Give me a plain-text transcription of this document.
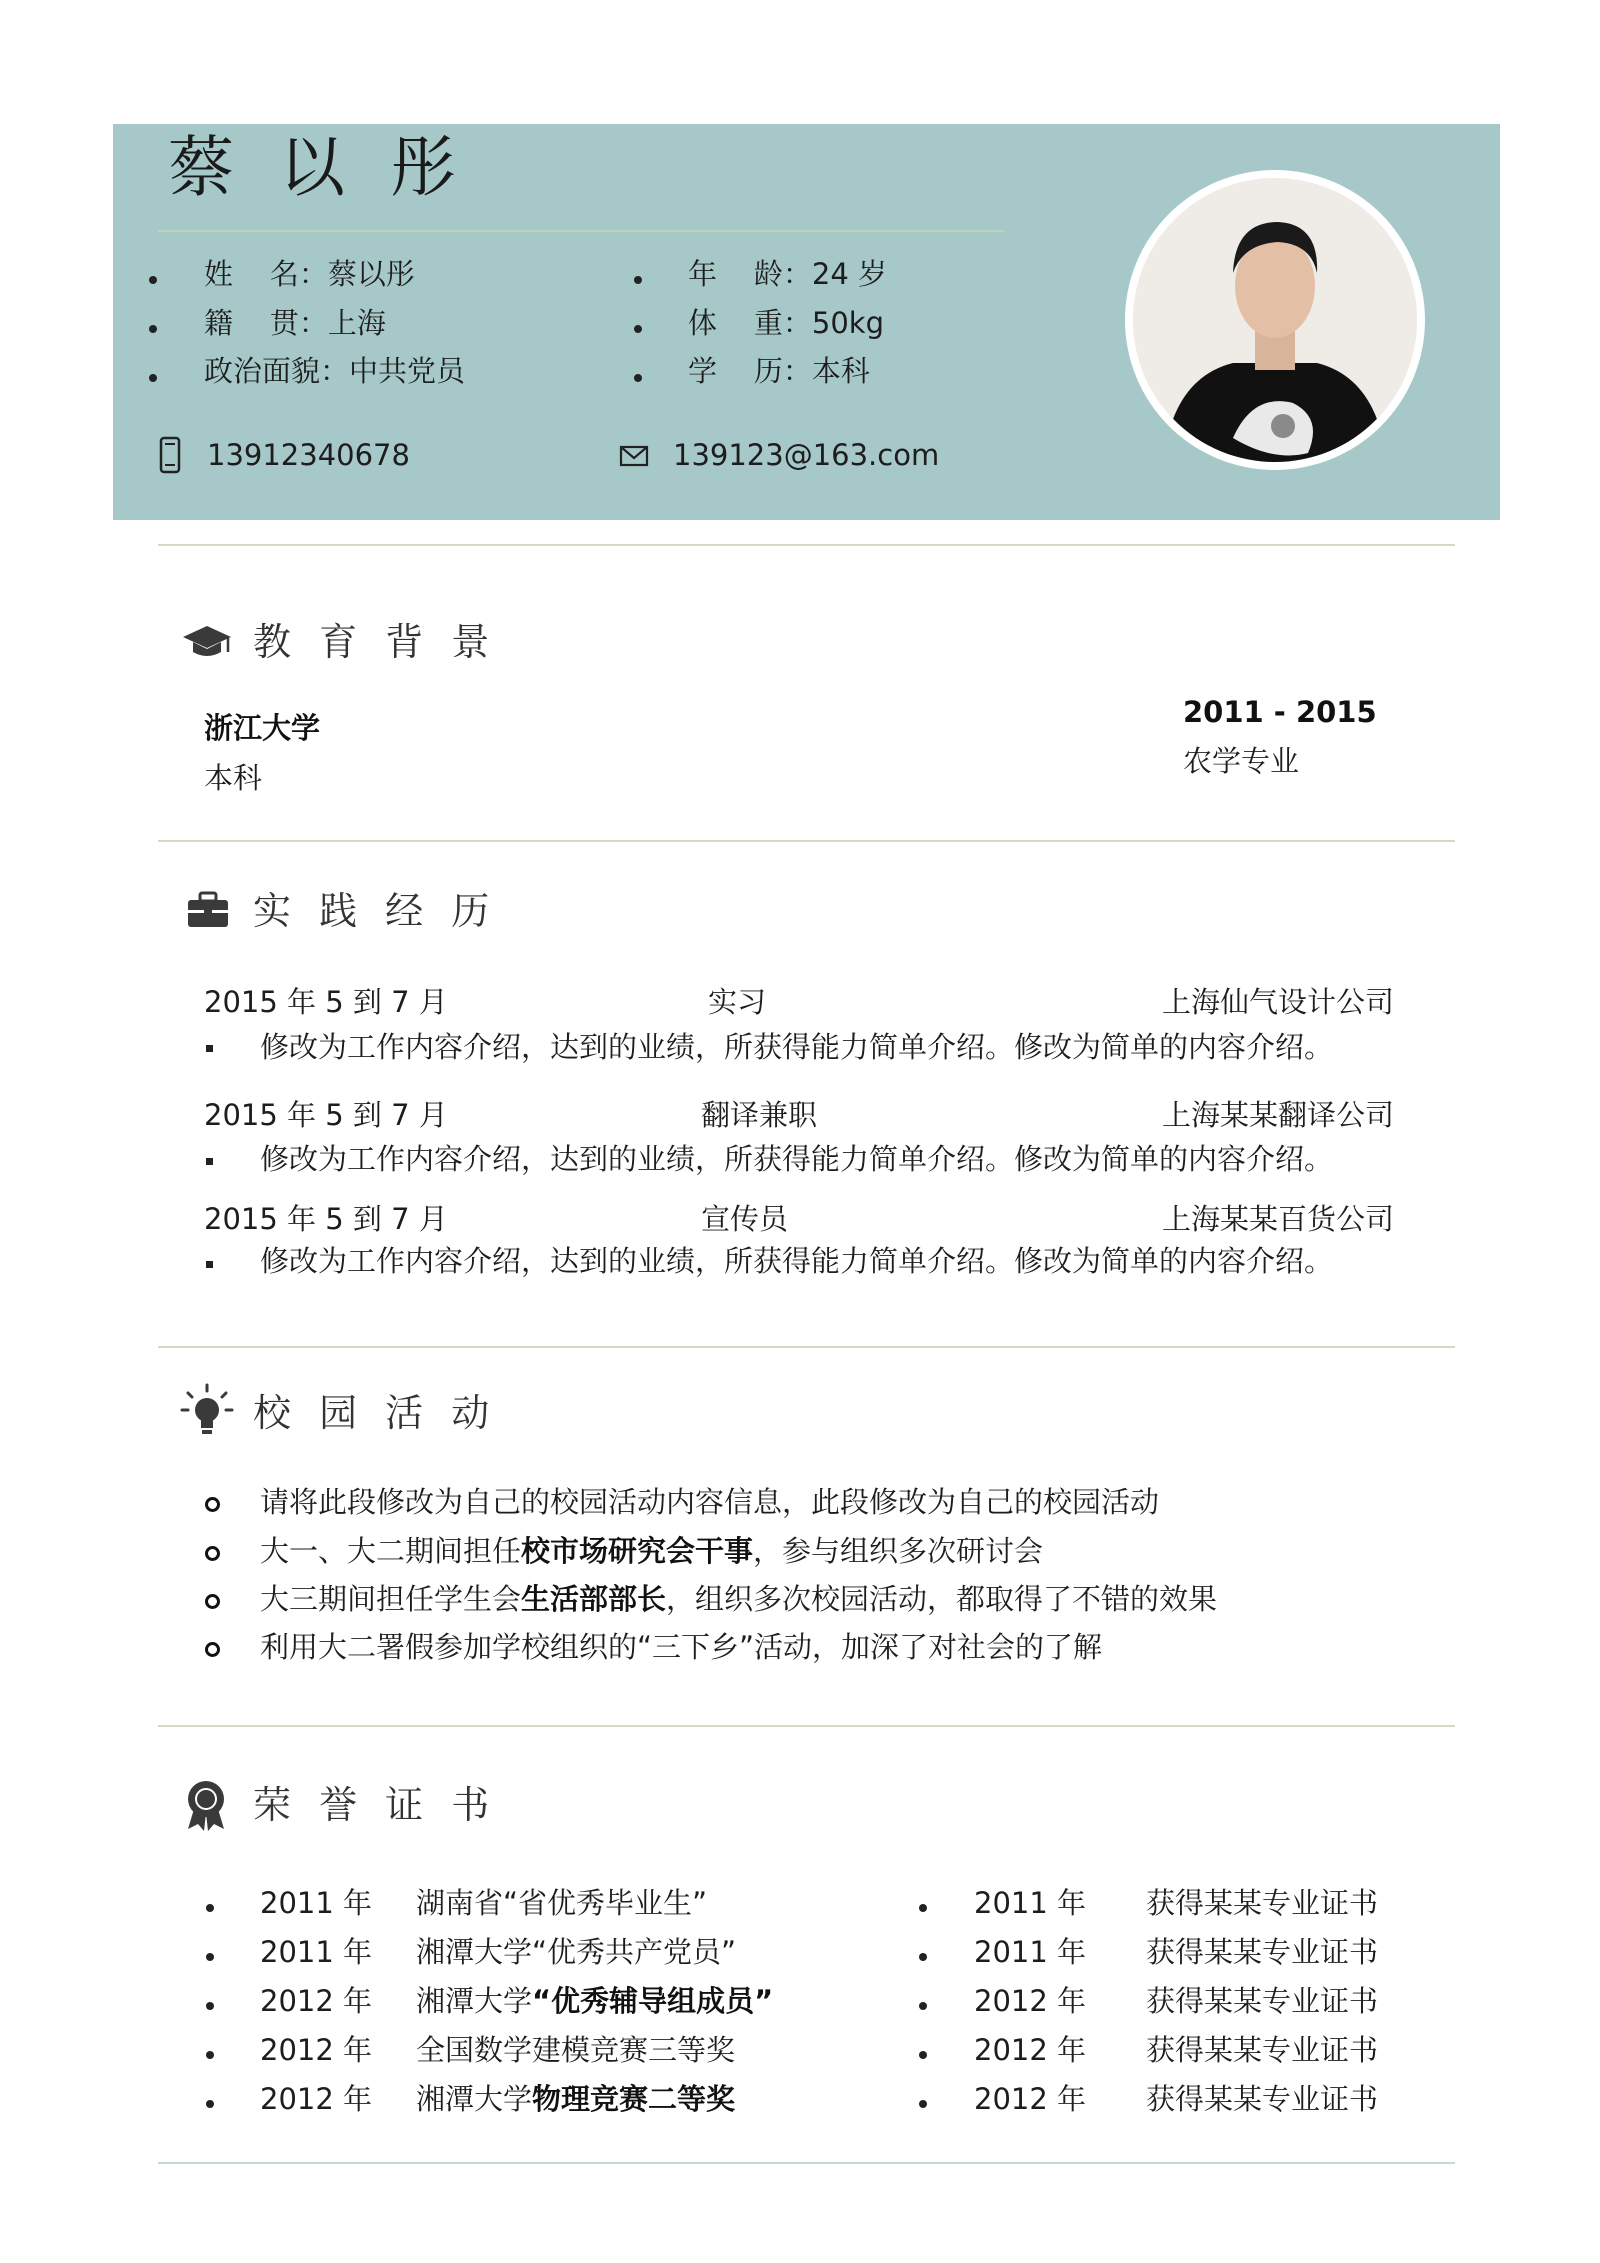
蔡 以 彤
姓    名：蔡以彤
籍    贯：上海
政治面貌：中共党员
年    龄：24 岁
体    重：50kg
学    历：本科
13912340678	139123@163.com
教 育 背 景
浙江大学
本科
2011 - 2015
农学专业
实 践 经 历
2015 年 5 到 7 月	实习	上海仙气设计公司
修改为工作内容介绍，达到的业绩，所获得能力简单介绍。修改为简单的内容介绍。
2015 年 5 到 7 月	翻译兼职	上海某某翻译公司
修改为工作内容介绍，达到的业绩，所获得能力简单介绍。修改为简单的内容介绍。
2015 年 5 到 7 月	宣传员	上海某某百货公司
修改为工作内容介绍，达到的业绩，所获得能力简单介绍。修改为简单的内容介绍。
校 园 活 动
请将此段修改为自己的校园活动内容信息，此段修改为自己的校园活动
大一、大二期间担任校市场研究会干事，参与组织多次研讨会
大三期间担任学生会生活部部长，组织多次校园活动，都取得了不错的效果
利用大二署假参加学校组织的“三下乡”活动，加深了对社会的了解
荣 誉 证 书
2011 年 湖南省“省优秀毕业生”
2011 年 湘潭大学“优秀共产党员”
2012 年 湘潭大学“优秀辅导组成员”
2012 年 全国数学建模竞赛三等奖
2012 年 湘潭大学物理竞赛二等奖
2011 年 获得某某专业证书
2011 年 获得某某专业证书
2012 年 获得某某专业证书
2012 年 获得某某专业证书
2012 年 获得某某专业证书
